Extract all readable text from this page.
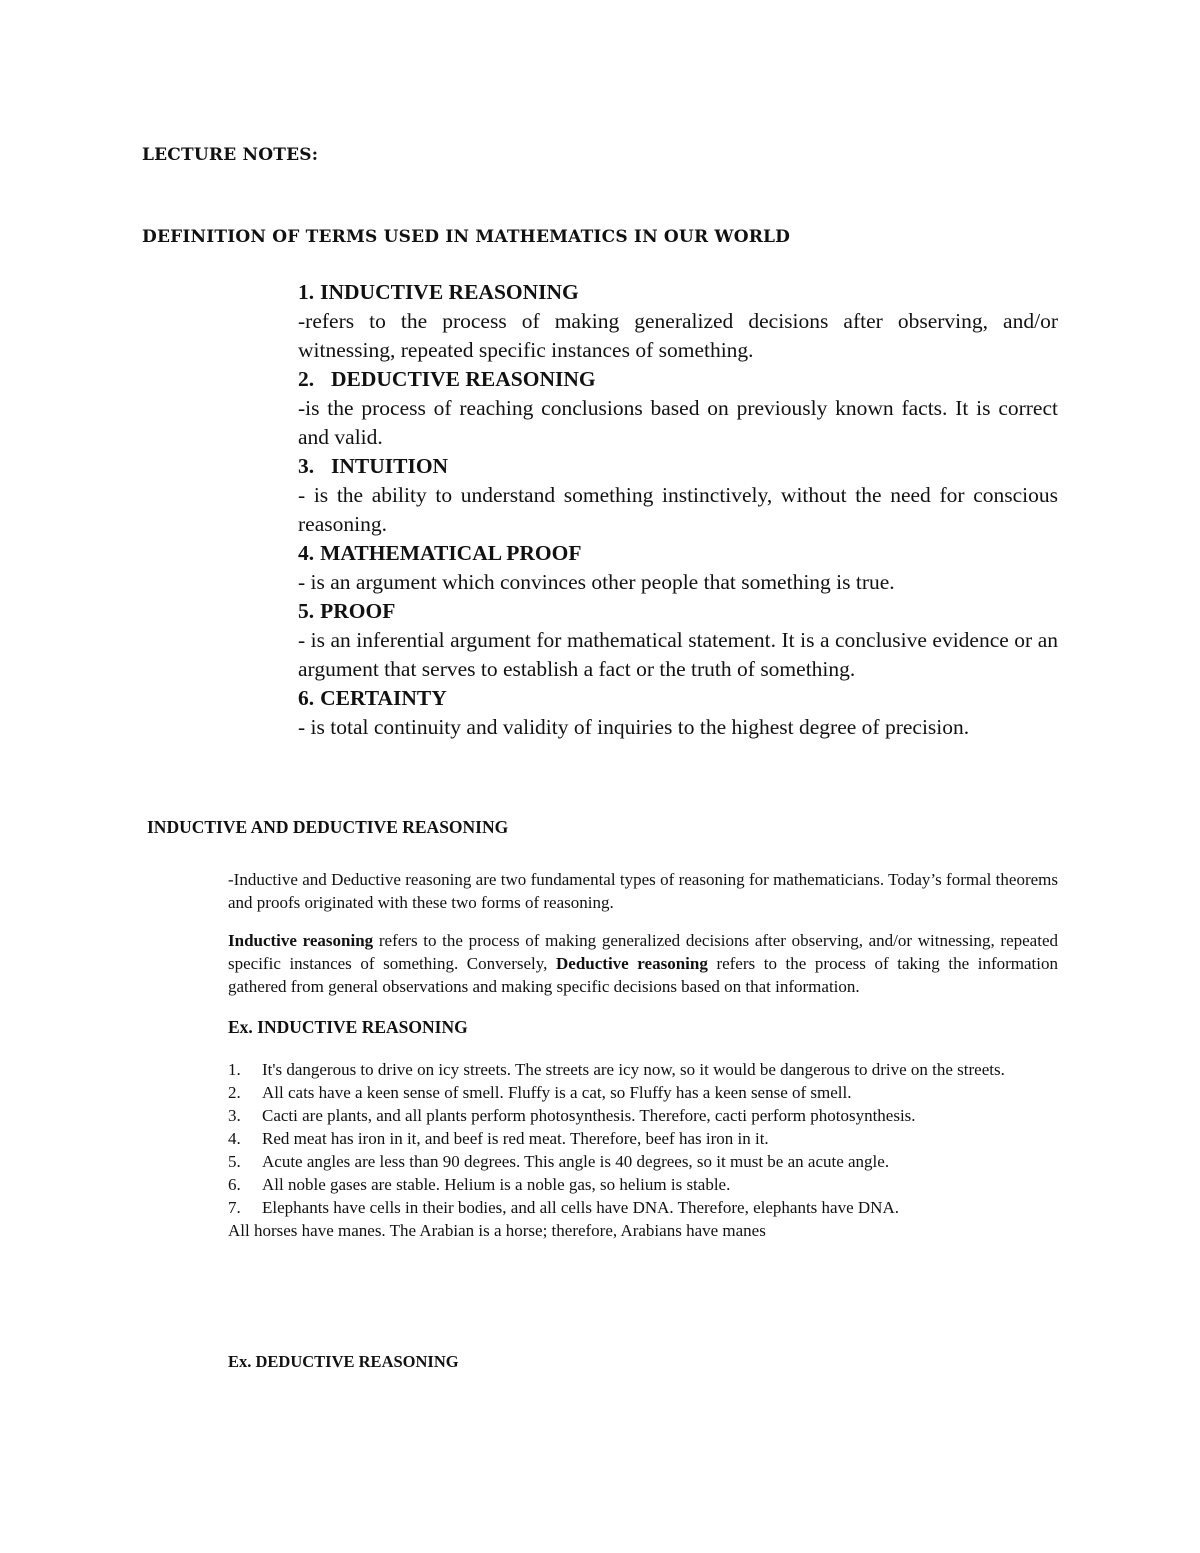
LECTURE NOTES:
DEFINITION OF TERMS USED IN MATHEMATICS IN OUR WORLD
1. INDUCTIVE REASONING
-refers to the process of making generalized decisions after observing, and/or witnessing, repeated specific instances of something.
2. DEDUCTIVE REASONING
-is the process of reaching conclusions based on previously known facts. It is correct and valid.
3. INTUITION
- is the ability to understand something instinctively, without the need for conscious reasoning.
4. MATHEMATICAL PROOF
- is an argument which convinces other people that something is true.
5. PROOF
- is an inferential argument for mathematical statement. It is a conclusive evidence or an argument that serves to establish a fact or the truth of something.
6. CERTAINTY
- is total continuity and validity of inquiries to the highest degree of precision.
INDUCTIVE AND DEDUCTIVE REASONING

-Inductive and Deductive reasoning are two fundamental types of reasoning for mathematicians. Today’s formal theorems and proofs originated with these two forms of reasoning.

Inductive reasoning refers to the process of making generalized decisions after observing, and/or witnessing, repeated specific instances of something. Conversely, Deductive reasoning refers to the process of taking the information gathered from general observations and making specific decisions based on that information.

Ex. INDUCTIVE REASONING
1. It's dangerous to drive on icy streets. The streets are icy now, so it would be dangerous to drive on the streets.
2. All cats have a keen sense of smell. Fluffy is a cat, so Fluffy has a keen sense of smell.
3. Cacti are plants, and all plants perform photosynthesis. Therefore, cacti perform photosynthesis.
4. Red meat has iron in it, and beef is red meat. Therefore, beef has iron in it.
5. Acute angles are less than 90 degrees. This angle is 40 degrees, so it must be an acute angle.
6. All noble gases are stable. Helium is a noble gas, so helium is stable.
7. Elephants have cells in their bodies, and all cells have DNA. Therefore, elephants have DNA.
All horses have manes. The Arabian is a horse; therefore, Arabians have manes
Ex. DEDUCTIVE REASONING
